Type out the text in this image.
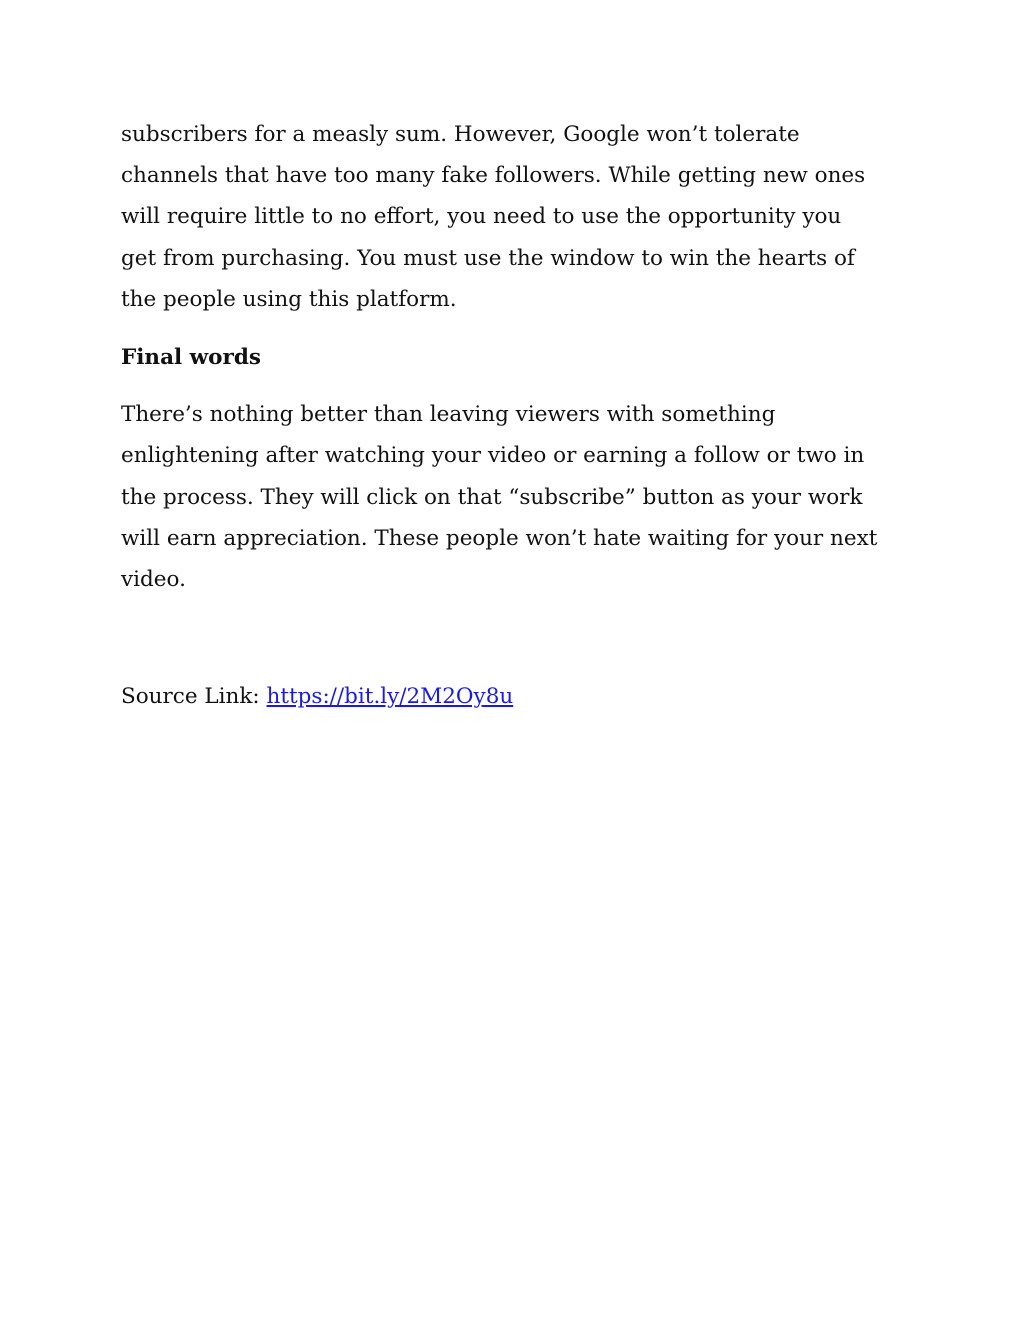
subscribers for a measly sum. However, Google won’t tolerate
channels that have too many fake followers. While getting new ones
will require little to no effort, you need to use the opportunity you
get from purchasing. You must use the window to win the hearts of
the people using this platform.

Final words

There’s nothing better than leaving viewers with something
enlightening after watching your video or earning a follow or two in
the process. They will click on that “subscribe” button as your work
will earn appreciation. These people won’t hate waiting for your next
video.

Source Link: https://bit.ly/2M2Oy8u
